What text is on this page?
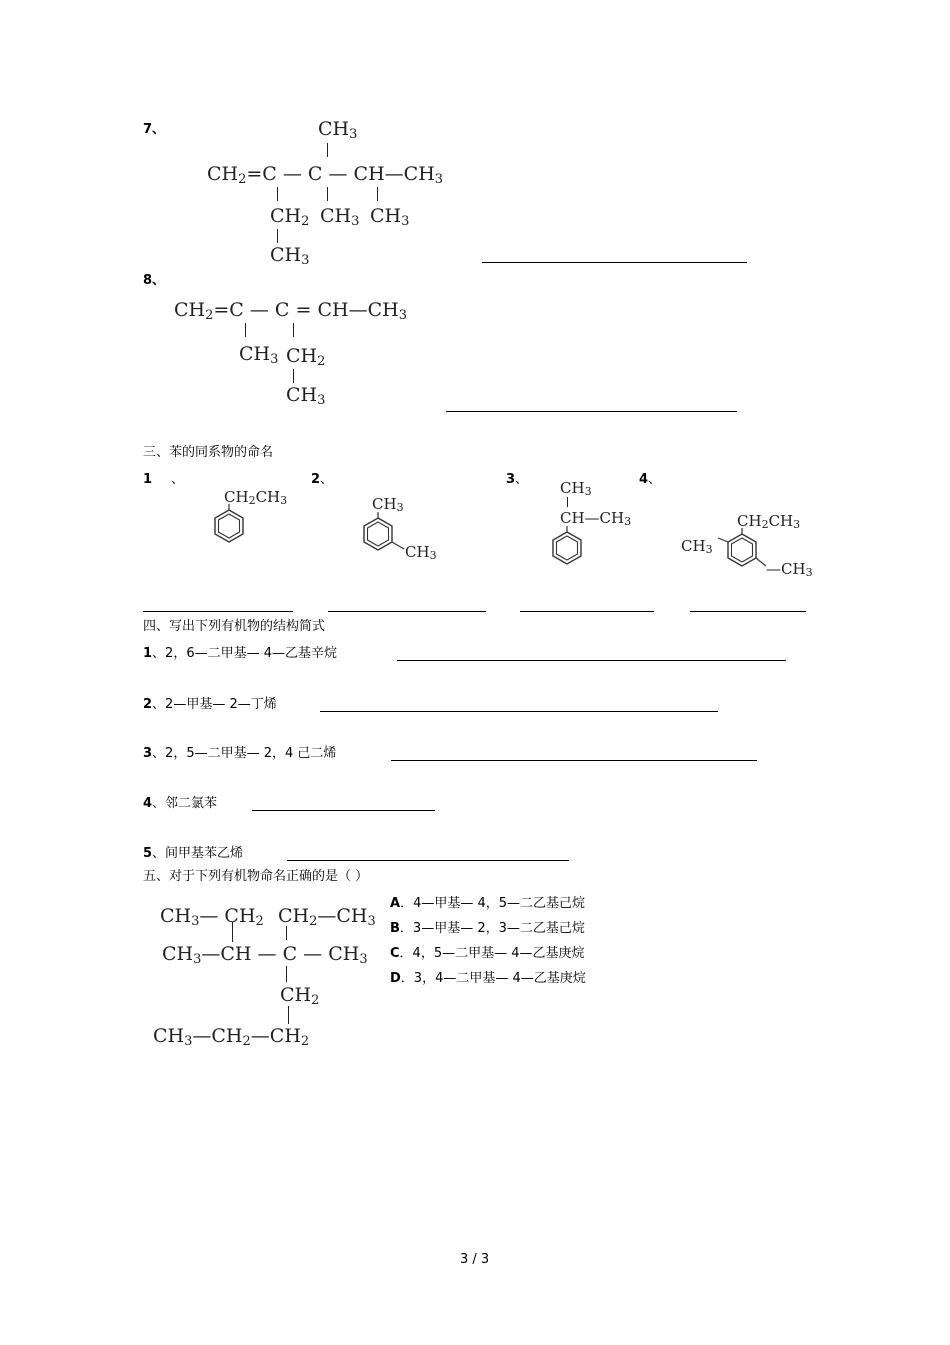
7、	$CH_3$
$CH_2=C$ — C — $CH—CH_3$
$CH_2$ $CH_3$ $CH_3$
$CH_3$
8、
$CH_2=C$ — $C = CH—CH_3$
$CH_3$ $CH_2$
$CH_3$
三、苯的同系物的命名
1 、	2 、	3 、	4 、
$CH_2CH_3$	$CH_3$
$CH_3$
$CH_3$
$CH—CH_3$	$CH_2CH_3$
$CH_3$
$—CH_3$
四、写出下列有机物的结构简式
1、2，6—二甲基— 4—乙基辛烷
2、2—甲基— 2—丁烯
3、2，5—二甲基— 2，4 己二烯
4、邻二氯苯
5、间甲基苯乙烯
五、对于下列有机物命名正确的是（ ）
$CH_3—$ $CH_2$ $CH_2—CH_3$
$CH_3—CH$ — C — $CH_3$
$CH_2$
$CH_3—CH_2—CH_2$
A．4—甲基— 4，5—二乙基己烷
B．3—甲基— 2，3—二乙基己烷
C．4，5—二甲基— 4—乙基庚烷
D．3，4—二甲基— 4—乙基庚烷
3 / 3
